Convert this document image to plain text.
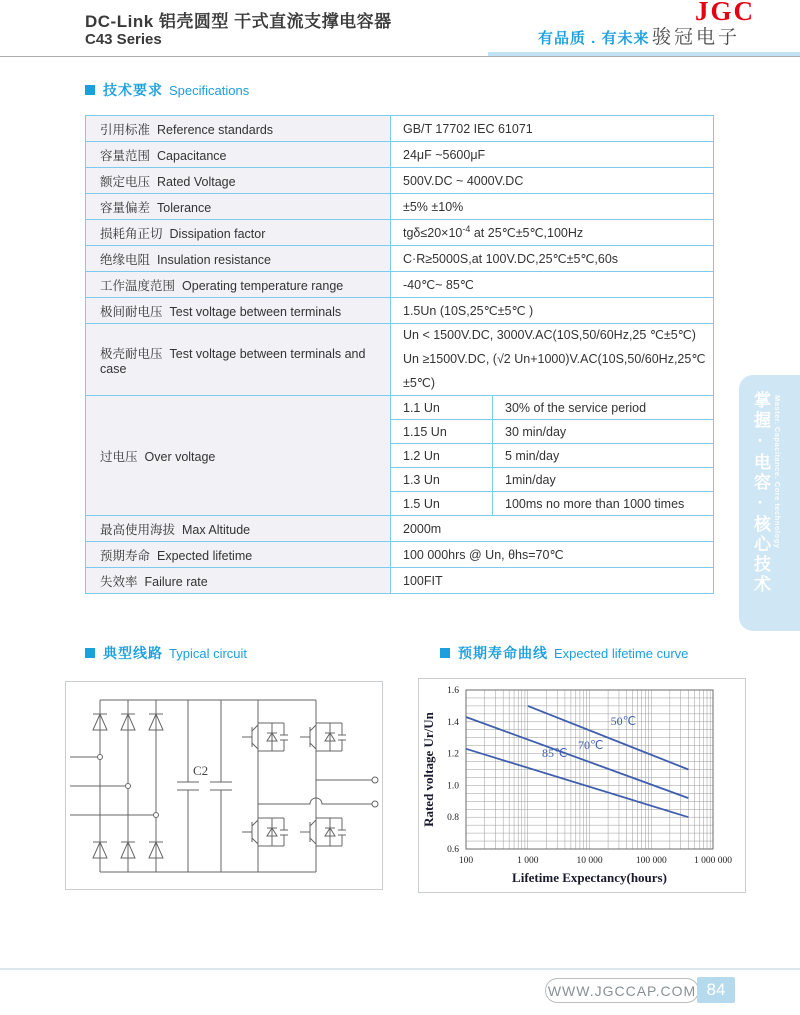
DC-Link 铝壳圆型 干式直流支撑电容器
C43 Series
JGC
有品质 . 有未来 骏冠电子
技术要求 Specifications
引用标准 Reference standards	GB/T 17702 IEC 61071	
容量范围 Capacitance	24μF ~5600μF	
额定电压 Rated Voltage	500V.DC ~ 4000V.DC	
容量偏差 Tolerance	±5% ±10%	
损耗角正切 Dissipation factor	$tg\delta\le 20\times 10^{-4}$ at 25℃±5℃,100Hz	
绝缘电阻 Insulation resistance	C·R≥5000S,at 100V.DC,25℃±5℃,60s	
工作温度范围 Operating temperature range	-40℃~ 85℃	
极间耐电压 Test voltage between terminals	1.5Un (10S,25℃±5℃ )	
极壳耐电压 Test voltage between terminals and case	Un < 1500V.DC, 3000V.AC(10S,50/60Hz,25 ℃±5℃)
Un ≥1500V.DC, (√2 Un+1000)V.AC(10S,50/60Hz,25℃±5℃)	

过电压 Over voltage	1.1 Un	30% of the service period
	1.15 Un	30 min/day
	1.2 Un	5 min/day
	1.3 Un	1min/day
	1.5 Un	100ms no more than 1000 times
最高使用海拔 Max Altitude	2000m	
预期寿命 Expected lifetime	100 000hrs @ Un, θhs=70℃	
失效率 Failure rate	100FIT	
典型线路 Typical circuit	预期寿命曲线 Expected lifetime curve
C2
0.6
0.8
1.0
1.2
1.4
1.6
100	1 000	10 000	100 000	1 000 000
50℃
70℃
85℃
Lifetime Expectancy(hours)
Rated voltage Ur/Un
掌握·电容·核心技术 Master. Capacitance. Core technology
WWW.JGCCAP.COM 84
